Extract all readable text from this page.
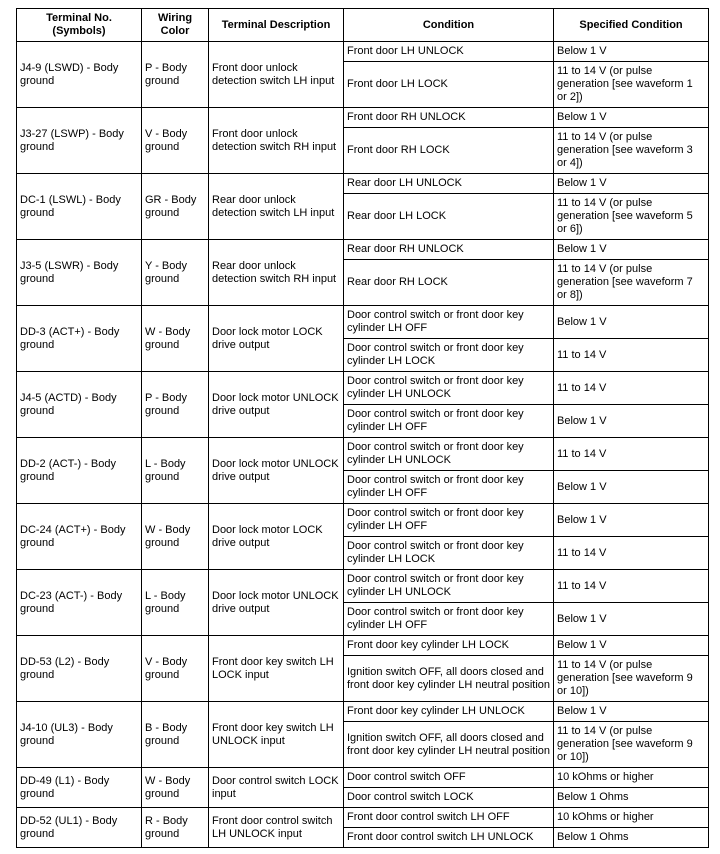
Terminal No. (Symbols)	Wiring Color	Terminal Description	Condition	Specified Condition
J4-9 (LSWD) - Body ground	P - Body ground	Front door unlock detection switch LH input	Front door LH UNLOCK	Below 1 V
			Front door LH LOCK	11 to 14 V (or pulse generation [see waveform 1 or 2])
J3-27 (LSWP) - Body ground	V - Body ground	Front door unlock detection switch RH input	Front door RH UNLOCK	Below 1 V
			Front door RH LOCK	11 to 14 V (or pulse generation [see waveform 3 or 4])
DC-1 (LSWL) - Body ground	GR - Body ground	Rear door unlock detection switch LH input	Rear door LH UNLOCK	Below 1 V
			Rear door LH LOCK	11 to 14 V (or pulse generation [see waveform 5 or 6])
J3-5 (LSWR) - Body ground	Y - Body ground	Rear door unlock detection switch RH input	Rear door RH UNLOCK	Below 1 V
			Rear door RH LOCK	11 to 14 V (or pulse generation [see waveform 7 or 8])
DD-3 (ACT+) - Body ground	W - Body ground	Door lock motor LOCK drive output	Door control switch or front door key cylinder LH OFF	Below 1 V
			Door control switch or front door key cylinder LH LOCK	11 to 14 V
J4-5 (ACTD) - Body ground	P - Body ground	Door lock motor UNLOCK drive output	Door control switch or front door key cylinder LH UNLOCK	11 to 14 V
			Door control switch or front door key cylinder LH OFF	Below 1 V
DD-2 (ACT-) - Body ground	L - Body ground	Door lock motor UNLOCK drive output	Door control switch or front door key cylinder LH UNLOCK	11 to 14 V
			Door control switch or front door key cylinder LH OFF	Below 1 V
DC-24 (ACT+) - Body ground	W - Body ground	Door lock motor LOCK drive output	Door control switch or front door key cylinder LH OFF	Below 1 V
			Door control switch or front door key cylinder LH LOCK	11 to 14 V
DC-23 (ACT-) - Body ground	L - Body ground	Door lock motor UNLOCK drive output	Door control switch or front door key cylinder LH UNLOCK	11 to 14 V
			Door control switch or front door key cylinder LH OFF	Below 1 V
DD-53 (L2) - Body ground	V - Body ground	Front door key switch LH LOCK input	Front door key cylinder LH LOCK	Below 1 V
			Ignition switch OFF, all doors closed and front door key cylinder LH neutral position	11 to 14 V (or pulse generation [see waveform 9 or 10])
J4-10 (UL3) - Body ground	B - Body ground	Front door key switch LH UNLOCK input	Front door key cylinder LH UNLOCK	Below 1 V
			Ignition switch OFF, all doors closed and front door key cylinder LH neutral position	11 to 14 V (or pulse generation [see waveform 9 or 10])
DD-49 (L1) - Body ground	W - Body ground	Door control switch LOCK input	Door control switch OFF	10 kOhms or higher
			Door control switch LOCK	Below 1 Ohms
DD-52 (UL1) - Body ground	R - Body ground	Front door control switch LH UNLOCK input	Front door control switch LH OFF	10 kOhms or higher
			Front door control switch LH UNLOCK	Below 1 Ohms
